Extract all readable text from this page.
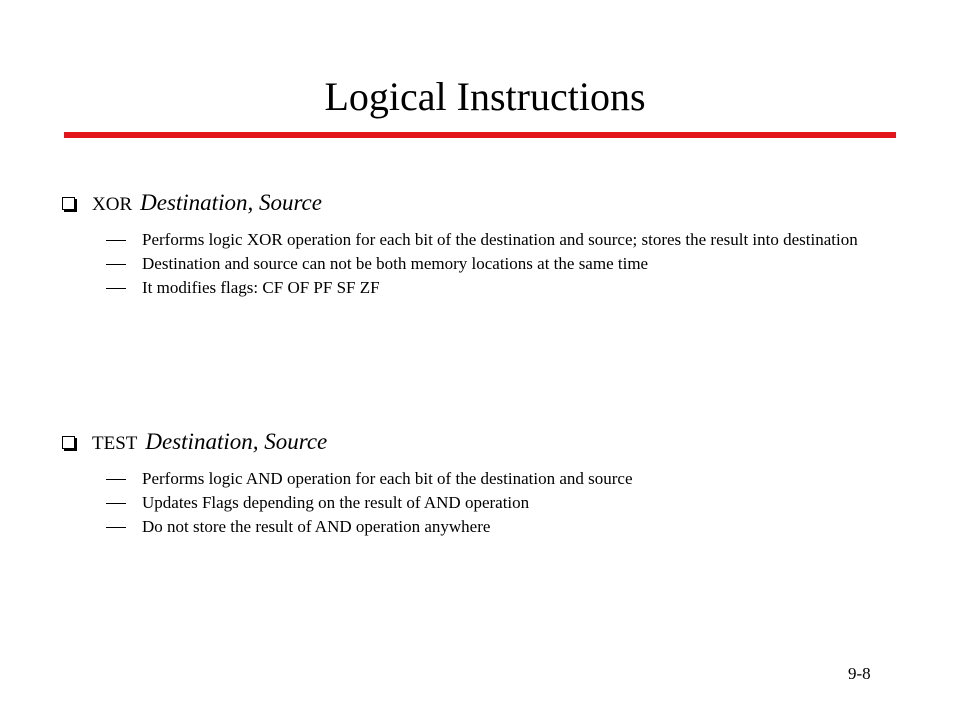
Logical Instructions
XOR Destination, Source
Performs logic XOR operation for each bit of the destination and source; stores the result into destination
Destination and source can not be both memory locations at the same time
It modifies flags: CF OF PF SF ZF
TEST Destination, Source
Performs logic AND operation for each bit of the destination and source
Updates Flags depending on the result of AND operation
Do not store the result of AND operation anywhere
9-8
